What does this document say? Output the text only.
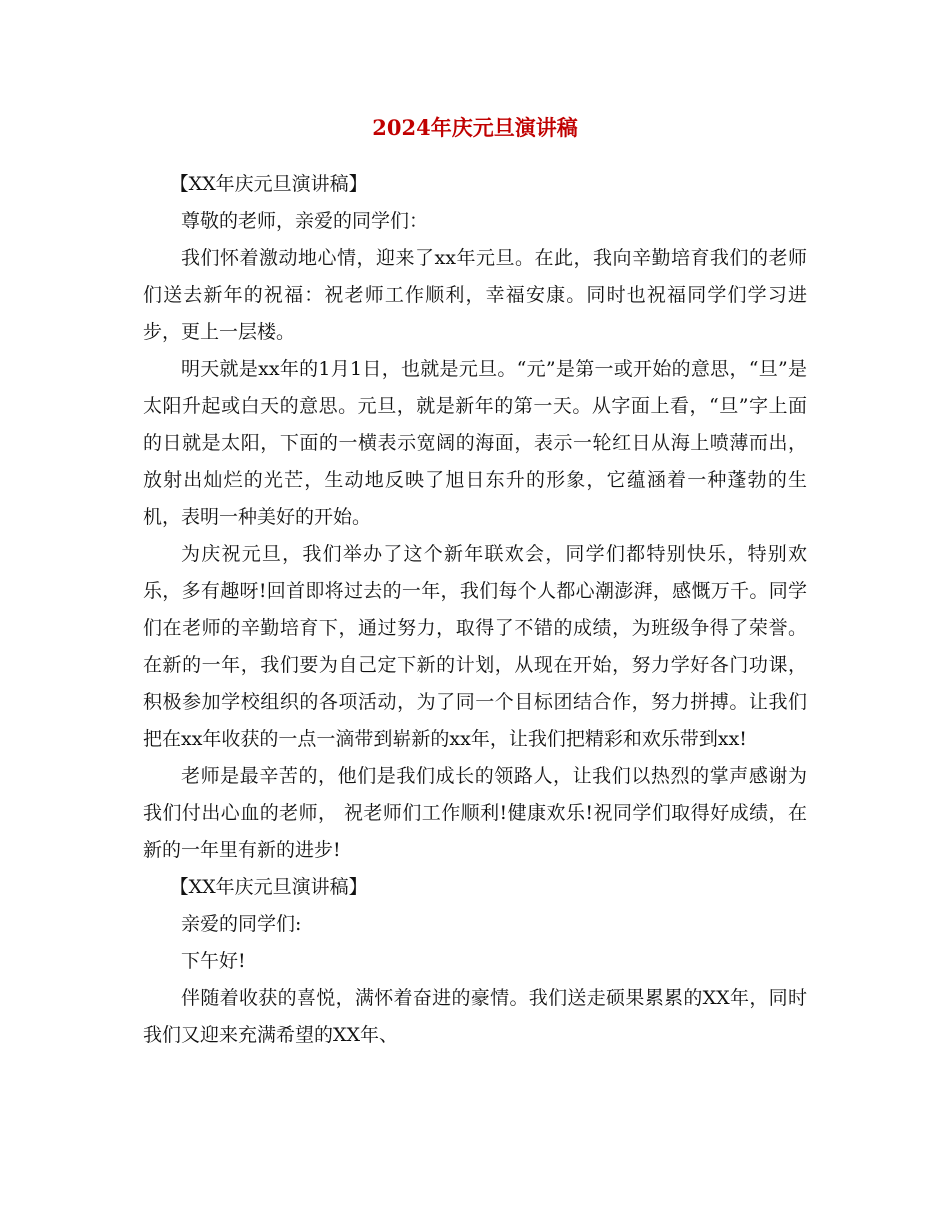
2024年庆元旦演讲稿

【XX年庆元旦演讲稿】

尊敬的老师，亲爱的同学们：

我们怀着激动地心情，迎来了xx年元旦。在此，我向辛勤培育我们的老师们送去新年的祝福：祝老师工作顺利，幸福安康。同时也祝福同学们学习进步，更上一层楼。

明天就是xx年的1月1日，也就是元旦。“元”是第一或开始的意思，“旦”是太阳升起或白天的意思。元旦，就是新年的第一天。从字面上看，“旦”字上面的日就是太阳，下面的一横表示宽阔的海面，表示一轮红日从海上喷薄而出，放射出灿烂的光芒，生动地反映了旭日东升的形象，它蕴涵着一种蓬勃的生机，表明一种美好的开始。

为庆祝元旦，我们举办了这个新年联欢会，同学们都特别快乐，特别欢乐，多有趣呀!回首即将过去的一年，我们每个人都心潮澎湃，感慨万千。同学们在老师的辛勤培育下，通过努力，取得了不错的成绩，为班级争得了荣誉。在新的一年，我们要为自己定下新的计划，从现在开始，努力学好各门功课，积极参加学校组织的各项活动，为了同一个目标团结合作，努力拼搏。让我们把在xx年收获的一点一滴带到崭新的xx年，让我们把精彩和欢乐带到xx!

老师是最辛苦的，他们是我们成长的领路人，让我们以热烈的掌声感谢为我们付出心血的老师， 祝老师们工作顺利!健康欢乐!祝同学们取得好成绩，在新的一年里有新的进步!

【XX年庆元旦演讲稿】

亲爱的同学们:

下午好!

伴随着收获的喜悦，满怀着奋进的豪情。我们送走硕果累累的XX年，同时我们又迎来充满希望的XX年、
